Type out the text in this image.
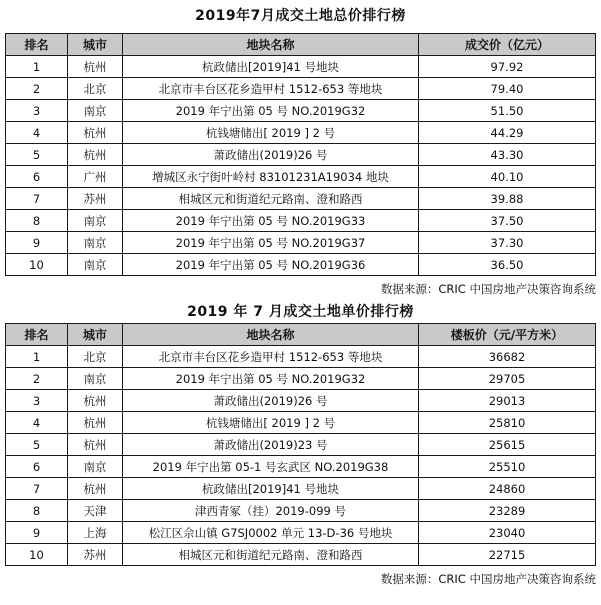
2019年7月成交土地总价排行榜
排名	城市	地块名称	成交价（亿元）
1	杭州	杭政储出[2019]41 号地块	97.92
2	北京	北京市丰台区花乡造甲村 1512-653 等地块	79.40
3	南京	2019 年宁出第 05 号 NO.2019G32	51.50
4	杭州	杭钱塘储出[ 2019 ] 2 号	44.29
5	杭州	萧政储出(2019)26 号	43.30
6	广州	增城区永宁街叶岭村 83101231A19034 地块	40.10
7	苏州	相城区元和街道纪元路南、澄和路西	39.88
8	南京	2019 年宁出第 05 号 NO.2019G33	37.50
9	南京	2019 年宁出第 05 号 NO.2019G37	37.30
10	南京	2019 年宁出第 05 号 NO.2019G36	36.50
数据来源：CRIC 中国房地产决策咨询系统
2019 年 7 月成交土地单价排行榜
排名	城市	地块名称	楼板价（元/平方米）
1	北京	北京市丰台区花乡造甲村 1512-653 等地块	36682
2	南京	2019 年宁出第 05 号 NO.2019G32	29705
3	杭州	萧政储出(2019)26 号	29013
4	杭州	杭钱塘储出[ 2019 ] 2 号	25810
5	杭州	萧政储出(2019)23 号	25615
6	南京	2019 年宁出第 05-1 号玄武区 NO.2019G38	25510
7	杭州	杭政储出[2019]41 号地块	24860
8	天津	津西青冢（挂）2019-099 号	23289
9	上海	松江区佘山镇 G7SJ0002 单元 13-D-36 号地块	23040
10	苏州	相城区元和街道纪元路南、澄和路西	22715
数据来源：CRIC 中国房地产决策咨询系统
